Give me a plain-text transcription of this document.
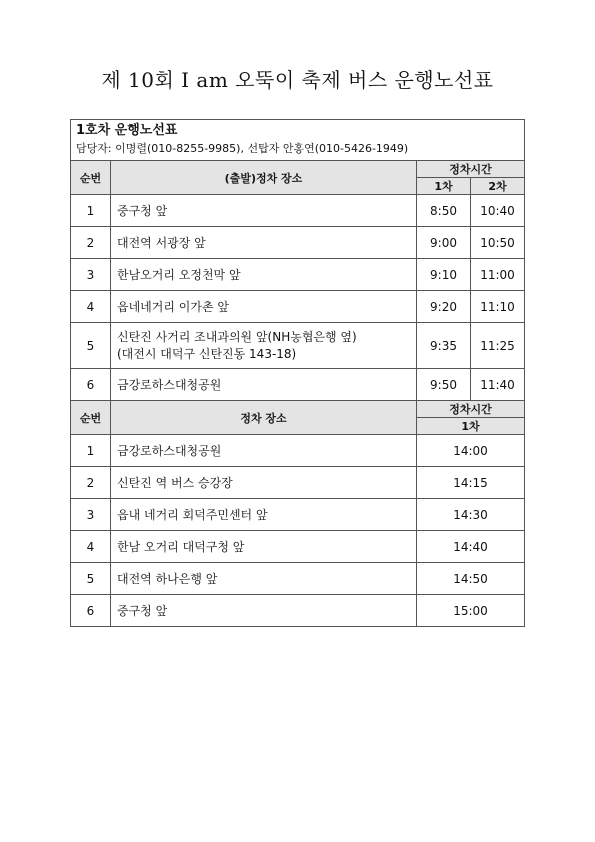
제 10회 I am 오뚝이 축제 버스 운행노선표
1호차 운행노선표
담당자: 이명렬(010-8255-9985), 선탑자 안홍연(010-5426-1949)			

순번	(출발)정차 장소	정차시간	
		1차	2차
1	중구청 앞	8:50	10:40
2	대전역 서광장 앞	9:00	10:50
3	한남오거리 오정천막 앞	9:10	11:00
4	읍네네거리 이가촌 앞	9:20	11:10
5	신탄진 사거리 조내과의원 앞(NH농협은행 옆)
(대전시 대덕구 신탄진동 143-18)	9:35	11:25
6	금강로하스대청공원	9:50	11:40
순번	정차 장소	정차시간	
		1차	
1	금강로하스대청공원	14:00	
2	신탄진 역 버스 승강장	14:15	
3	읍내 네거리 회덕주민센터 앞	14:30	
4	한남 오거리 대덕구청 앞	14:40	
5	대전역 하나은행 앞	14:50	
6	중구청 앞	15:00	
